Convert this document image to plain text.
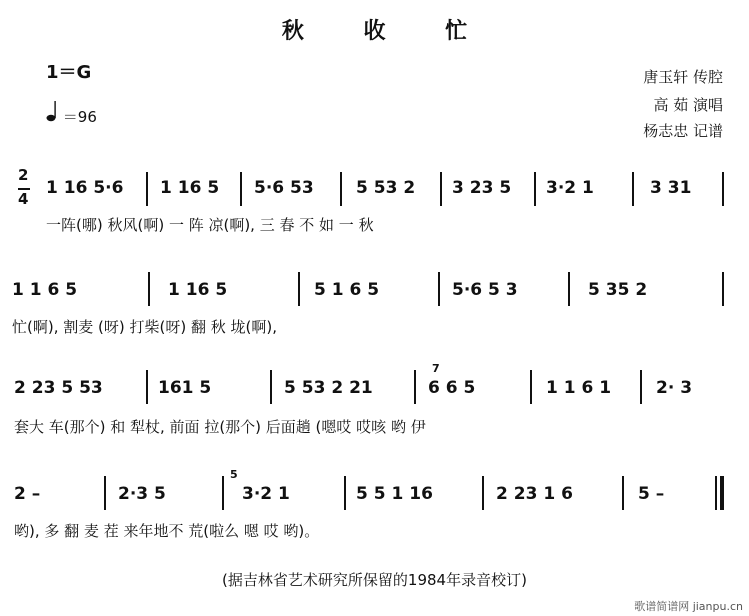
秋 收 忙
1＝G
＝96
唐玉轩 传腔
高 茹 演唱
杨志忠 记谱
2
4
1 16 5·6 1 16 5 5·6 53 5 53 2 3 23 5 3·2 1	3 31
一阵(哪) 秋风(啊) 一 阵 凉(啊), 三 春 不 如 一 秋
1 1 6 5	1 16 5	5 1 6 5	5·6 5 3	5 35 2
忙(啊), 割麦 (呀) 打柴(呀) 翻 秋 垅(啊),
2 23 5 53	161 5	5 53 2 21
7
6 6 5	1 1 6 1	2· 3
套大 车(那个) 和 犁杖, 前面 拉(那个) 后面趟 (嗯哎 哎咳 哟 伊
2 –	2·3 5
5
3·2 1	5 5 1 16	2 23 1 6	5 –
哟), 多 翻 麦 茬 来年地不 荒(啦么 嗯 哎 哟)。
(据吉林省艺术研究所保留的1984年录音校订)
歌谱简谱网 jianpu.cn
